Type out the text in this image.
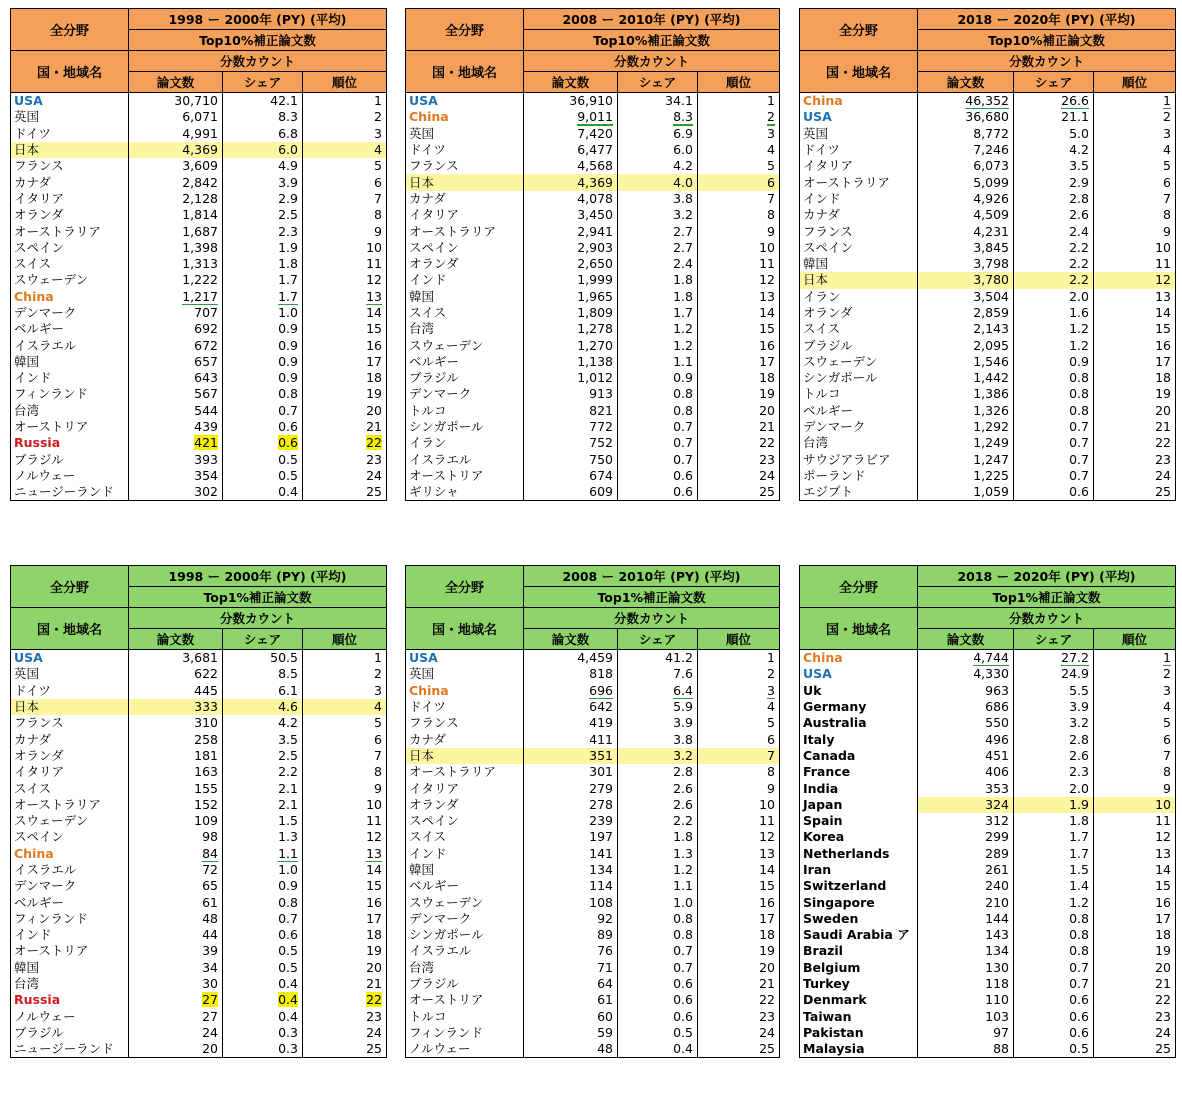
全分野	1998 ー 2000年 (PY) (平均)		
	Top10%補正論文数		
国・地域名	分数カウント		
	論文数	シェア	順位
USA	30,710	42.1	1
英国	6,071	8.3	2
ドイツ	4,991	6.8	3
日本	4,369	6.0	4
フランス	3,609	4.9	5
カナダ	2,842	3.9	6
イタリア	2,128	2.9	7
オランダ	1,814	2.5	8
オーストラリア	1,687	2.3	9
スペイン	1,398	1.9	10
スイス	1,313	1.8	11
スウェーデン	1,222	1.7	12
China	1,217	1.7	13
デンマーク	707	1.0	14
ベルギー	692	0.9	15
イスラエル	672	0.9	16
韓国	657	0.9	17
インド	643	0.9	18
フィンランド	567	0.8	19
台湾	544	0.7	20
オーストリア	439	0.6	21
Russia	421	0.6	22
ブラジル	393	0.5	23
ノルウェー	354	0.5	24
ニュージーランド	302	0.4	25
全分野	2008 ー 2010年 (PY) (平均)		
	Top10%補正論文数		
国・地域名	分数カウント		
	論文数	シェア	順位
USA	36,910	34.1	1
China	9,011	8.3	2
英国	7,420	6.9	3
ドイツ	6,477	6.0	4
フランス	4,568	4.2	5
日本	4,369	4.0	6
カナダ	4,078	3.8	7
イタリア	3,450	3.2	8
オーストラリア	2,941	2.7	9
スペイン	2,903	2.7	10
オランダ	2,650	2.4	11
インド	1,999	1.8	12
韓国	1,965	1.8	13
スイス	1,809	1.7	14
台湾	1,278	1.2	15
スウェーデン	1,270	1.2	16
ベルギー	1,138	1.1	17
ブラジル	1,012	0.9	18
デンマーク	913	0.8	19
トルコ	821	0.8	20
シンガポール	772	0.7	21
イラン	752	0.7	22
イスラエル	750	0.7	23
オーストリア	674	0.6	24
ギリシャ	609	0.6	25
全分野	2018 ー 2020年 (PY) (平均)		
	Top10%補正論文数		
国・地域名	分数カウント		
	論文数	シェア	順位
China	46,352	26.6	1
USA	36,680	21.1	2
英国	8,772	5.0	3
ドイツ	7,246	4.2	4
イタリア	6,073	3.5	5
オーストラリア	5,099	2.9	6
インド	4,926	2.8	7
カナダ	4,509	2.6	8
フランス	4,231	2.4	9
スペイン	3,845	2.2	10
韓国	3,798	2.2	11
日本	3,780	2.2	12
イラン	3,504	2.0	13
オランダ	2,859	1.6	14
スイス	2,143	1.2	15
ブラジル	2,095	1.2	16
スウェーデン	1,546	0.9	17
シンガポール	1,442	0.8	18
トルコ	1,386	0.8	19
ベルギー	1,326	0.8	20
デンマーク	1,292	0.7	21
台湾	1,249	0.7	22
サウジアラビア	1,247	0.7	23
ポーランド	1,225	0.7	24
エジプト	1,059	0.6	25
全分野	1998 ー 2000年 (PY) (平均)		
	Top1%補正論文数		
国・地域名	分数カウント		
	論文数	シェア	順位
USA	3,681	50.5	1
英国	622	8.5	2
ドイツ	445	6.1	3
日本	333	4.6	4
フランス	310	4.2	5
カナダ	258	3.5	6
オランダ	181	2.5	7
イタリア	163	2.2	8
スイス	155	2.1	9
オーストラリア	152	2.1	10
スウェーデン	109	1.5	11
スペイン	98	1.3	12
China	84	1.1	13
イスラエル	72	1.0	14
デンマーク	65	0.9	15
ベルギー	61	0.8	16
フィンランド	48	0.7	17
インド	44	0.6	18
オーストリア	39	0.5	19
韓国	34	0.5	20
台湾	30	0.4	21
Russia	27	0.4	22
ノルウェー	27	0.4	23
ブラジル	24	0.3	24
ニュージーランド	20	0.3	25
全分野	2008 ー 2010年 (PY) (平均)		
	Top1%補正論文数		
国・地域名	分数カウント		
	論文数	シェア	順位
USA	4,459	41.2	1
英国	818	7.6	2
China	696	6.4	3
ドイツ	642	5.9	4
フランス	419	3.9	5
カナダ	411	3.8	6
日本	351	3.2	7
オーストラリア	301	2.8	8
イタリア	279	2.6	9
オランダ	278	2.6	10
スペイン	239	2.2	11
スイス	197	1.8	12
インド	141	1.3	13
韓国	134	1.2	14
ベルギー	114	1.1	15
スウェーデン	108	1.0	16
デンマーク	92	0.8	17
シンガポール	89	0.8	18
イスラエル	76	0.7	19
台湾	71	0.7	20
ブラジル	64	0.6	21
オーストリア	61	0.6	22
トルコ	60	0.6	23
フィンランド	59	0.5	24
ノルウェー	48	0.4	25
全分野	2018 ー 2020年 (PY) (平均)		
	Top1%補正論文数		
国・地域名	分数カウント		
	論文数	シェア	順位
China	4,744	27.2	1
USA	4,330	24.9	2
Uk	963	5.5	3
Germany	686	3.9	4
Australia	550	3.2	5
Italy	496	2.8	6
Canada	451	2.6	7
France	406	2.3	8
India	353	2.0	9
Japan	324	1.9	10
Spain	312	1.8	11
Korea	299	1.7	12
Netherlands	289	1.7	13
Iran	261	1.5	14
Switzerland	240	1.4	15
Singapore	210	1.2	16
Sweden	144	0.8	17
Saudi Arabia ア	143	0.8	18
Brazil	134	0.8	19
Belgium	130	0.7	20
Turkey	118	0.7	21
Denmark	110	0.6	22
Taiwan	103	0.6	23
Pakistan	97	0.6	24
Malaysia	88	0.5	25
